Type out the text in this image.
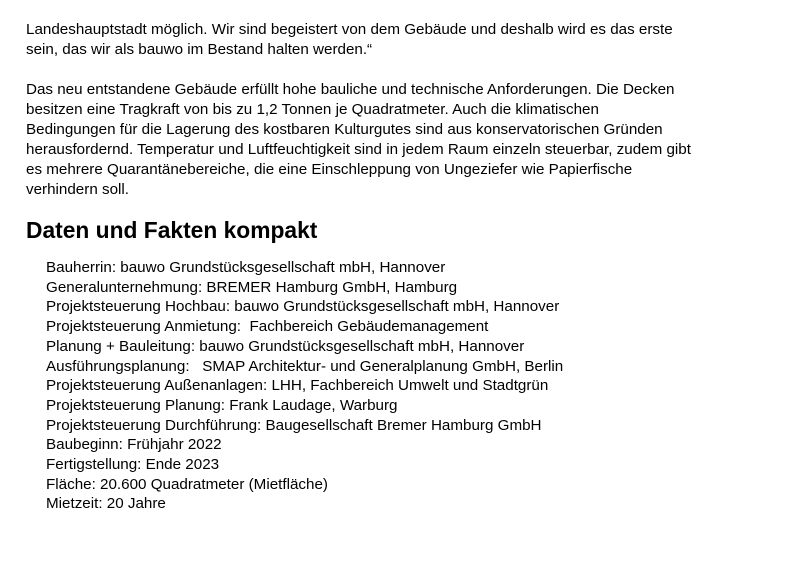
Landeshauptstadt möglich. Wir sind begeistert von dem Gebäude und deshalb wird es das erste
sein, das wir als bauwo im Bestand halten werden.“

Das neu entstandene Gebäude erfüllt hohe bauliche und technische Anforderungen. Die Decken
besitzen eine Tragkraft von bis zu 1,2 Tonnen je Quadratmeter. Auch die klimatischen
Bedingungen für die Lagerung des kostbaren Kulturgutes sind aus konservatorischen Gründen
herausfordernd. Temperatur und Luftfeuchtigkeit sind in jedem Raum einzeln steuerbar, zudem gibt
es mehrere Quarantänebereiche, die eine Einschleppung von Ungeziefer wie Papierfische
verhindern soll.

Daten und Fakten kompakt
Bauherrin: bauwo Grundstücksgesellschaft mbH, Hannover
Generalunternehmung: BREMER Hamburg GmbH, Hamburg
Projektsteuerung Hochbau: bauwo Grundstücksgesellschaft mbH, Hannover
Projektsteuerung Anmietung:  Fachbereich Gebäudemanagement
Planung + Bauleitung: bauwo Grundstücksgesellschaft mbH, Hannover
Ausführungsplanung:   SMAP Architektur- und Generalplanung GmbH, Berlin
Projektsteuerung Außenanlagen: LHH, Fachbereich Umwelt und Stadtgrün
Projektsteuerung Planung: Frank Laudage, Warburg
Projektsteuerung Durchführung: Baugesellschaft Bremer Hamburg GmbH
Baubeginn: Frühjahr 2022
Fertigstellung: Ende 2023
Fläche: 20.600 Quadratmeter (Mietfläche)
Mietzeit: 20 Jahre
